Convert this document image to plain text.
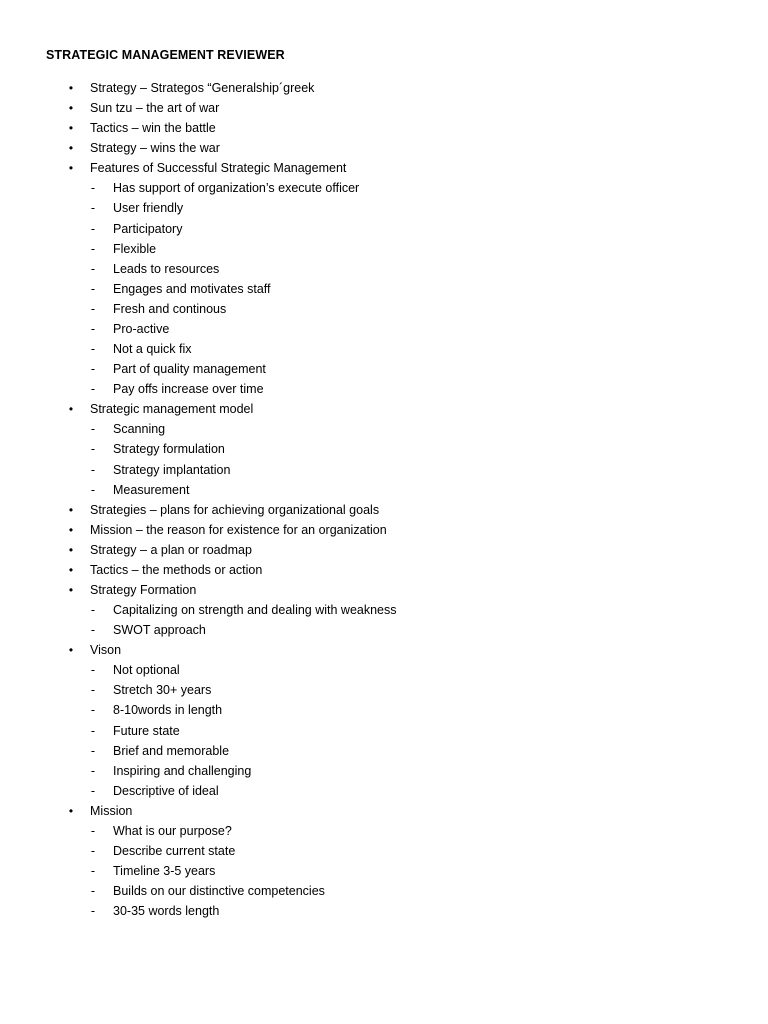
STRATEGIC MANAGEMENT REVIEWER
• Strategy – Strategos “Generalship´greek
• Sun tzu – the art of war
• Tactics – win the battle
• Strategy – wins the war
• Features of Successful Strategic Management
- Has support of organization’s execute officer
- User friendly
- Participatory
- Flexible
- Leads to resources
- Engages and motivates staff
- Fresh and continous
- Pro-active
- Not a quick fix
- Part of quality management
- Pay offs increase over time
• Strategic management model
- Scanning
- Strategy formulation
- Strategy implantation
- Measurement
• Strategies – plans for achieving organizational goals
• Mission – the reason for existence for an organization
• Strategy – a plan or roadmap
• Tactics – the methods or action
• Strategy Formation
- Capitalizing on strength and dealing with weakness
- SWOT approach
• Vison
- Not optional
- Stretch 30+ years
- 8-10words in length
- Future state
- Brief and memorable
- Inspiring and challenging
- Descriptive of ideal
• Mission
- What is our purpose?
- Describe current state
- Timeline 3-5 years
- Builds on our distinctive competencies
- 30-35 words length
